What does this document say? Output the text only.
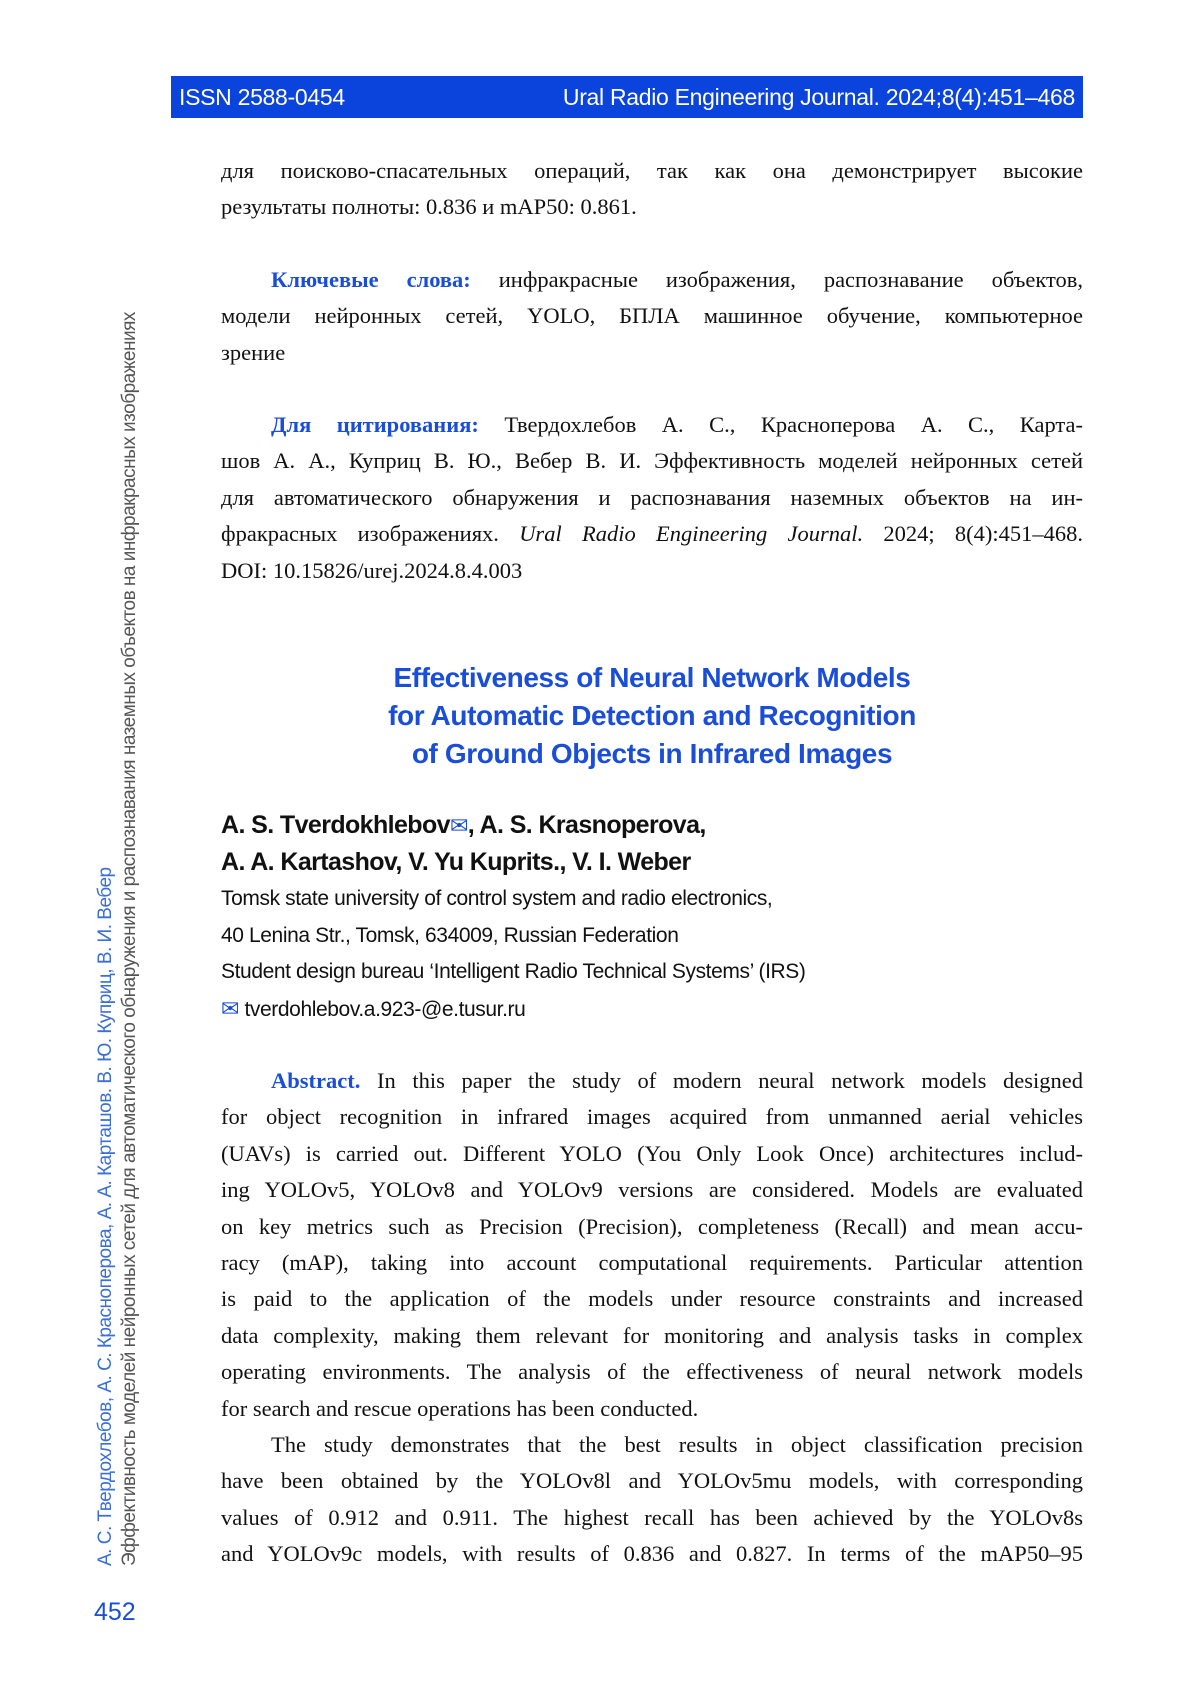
ISSN 2588-0454	Ural Radio Engineering Journal. 2024;8(4):451–468
А. С. Твердохлебов, А. С. Красноперова, А. А. Карташов. В. Ю. Куприц, В. И. Вебер Эффективность моделей нейронных сетей для автоматического обнаружения и распознавания наземных объектов на инфракрасных изображениях
452
для поисково-спасательных операций, так как она демонстрирует высокие
результаты полноты: 0.836 и mAP50: 0.861.
Ключевые слова: инфракрасные изображения, распознавание объектов,
модели нейронных сетей, YOLO, БПЛА машинное обучение, компьютерное
зрение
Для цитирования: Твердохлебов А. С., Красноперова А. С., Карта-
шов А. А., Куприц В. Ю., Вебер В. И. Эффективность моделей нейронных сетей
для автоматического обнаружения и распознавания наземных объектов на ин-
фракрасных изображениях. Ural Radio Engineering Journal. 2024; 8(4):451–468.
DOI: 10.15826/urej.2024.8.4.003
Effectiveness of Neural Network Models
for Automatic Detection and Recognition
of Ground Objects in Infrared Images
A. S. Tverdokhlebov✉, A. S. Krasnoperova,
A. A. Kartashov, V. Yu Kuprits., V. I. Weber
Tomsk state university of control system and radio electronics,
40 Lenina Str., Tomsk, 634009, Russian Federation
Student design bureau ‘Intelligent Radio Technical Systems’ (IRS)
✉ tverdohlebov.a.923-@e.tusur.ru
Abstract. In this paper the study of modern neural network models designed
for object recognition in infrared images acquired from unmanned aerial vehicles
(UAVs) is carried out. Different YOLO (You Only Look Once) architectures includ-
ing YOLOv5, YOLOv8 and YOLOv9 versions are considered. Models are evaluated
on key metrics such as Precision (Precision), completeness (Recall) and mean accu-
racy (mAP), taking into account computational requirements. Particular attention
is paid to the application of the models under resource constraints and increased
data complexity, making them relevant for monitoring and analysis tasks in complex
operating environments. The analysis of the effectiveness of neural network models
for search and rescue operations has been conducted.
The study demonstrates that the best results in object classification precision
have been obtained by the YOLOv8l and YOLOv5mu models, with corresponding
values of 0.912 and 0.911. The highest recall has been achieved by the YOLOv8s
and YOLOv9c models, with results of 0.836 and 0.827. In terms of the mAP50–95
